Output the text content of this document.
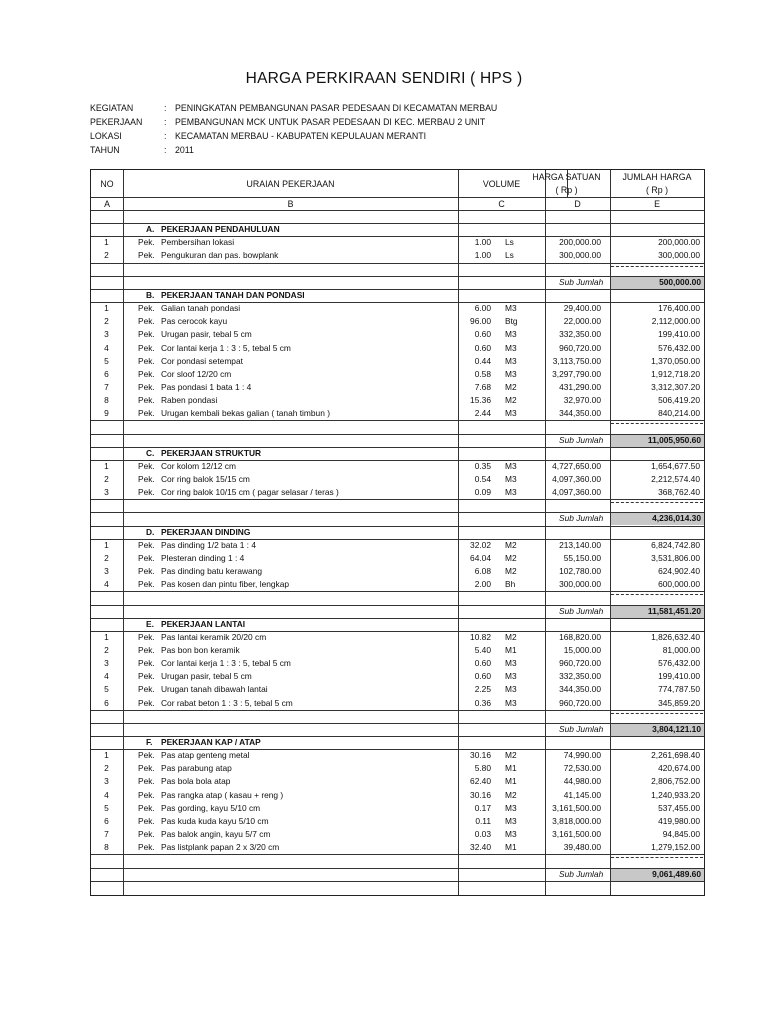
HARGA PERKIRAAN SENDIRI ( HPS )
KEGIATAN	: PENINGKATAN PEMBANGUNAN PASAR PEDESAAN DI KECAMATAN MERBAU
PEKERJAAN : PEMBANGUNAN MCK UNTUK PASAR PEDESAAN DI KEC. MERBAU 2 UNIT
LOKASI	: KECAMATAN MERBAU - KABUPATEN KEPULAUAN MERANTI
TAHUN	: 2011
NO	URAIAN PEKERJAAN	VOLUME
HARGA SATUAN
( Rp )
JUMLAH HARGA
( Rp )
A	B	C	D	E
A. PEKERJAAN PENDAHULUAN
1	Pek. Pembersihan lokasi	1.00 Ls	200,000.00	200,000.00
2	Pek. Pengukuran dan pas. bowplank	1.00 Ls	300,000.00	300,000.00
Sub Jumlah	500,000.00
B. PEKERJAAN TANAH DAN PONDASI
1	Pek. Galian tanah pondasi	6.00 M3	29,400.00	176,400.00
2	Pek. Pas cerocok kayu	96.00 Btg	22,000.00	2,112,000.00
3	Pek. Urugan pasir, tebal 5 cm	0.60 M3	332,350.00	199,410.00
4	Pek. Cor lantai kerja 1 : 3 : 5, tebal 5 cm	0.60 M3	960,720.00	576,432.00
5	Pek. Cor pondasi setempat	0.44 M3	3,113,750.00	1,370,050.00
6	Pek. Cor sloof 12/20 cm	0.58 M3	3,297,790.00	1,912,718.20
7	Pek. Pas pondasi 1 bata 1 : 4	7.68 M2	431,290.00	3,312,307.20
8	Pek. Raben pondasi	15.36 M2	32,970.00	506,419.20
9	Pek. Urugan kembali bekas galian ( tanah timbun )	2.44 M3	344,350.00	840,214.00
Sub Jumlah	11,005,950.60
C. PEKERJAAN STRUKTUR
1	Pek. Cor kolom 12/12 cm	0.35 M3	4,727,650.00	1,654,677.50
2	Pek. Cor ring balok 15/15 cm	0.54 M3	4,097,360.00	2,212,574.40
3	Pek. Cor ring balok 10/15 cm ( pagar selasar / teras )	0.09 M3	4,097,360.00	368,762.40
Sub Jumlah	4,236,014.30
D. PEKERJAAN DINDING
1	Pek. Pas dinding 1/2 bata 1 : 4	32.02 M2	213,140.00	6,824,742.80
2	Pek. Plesteran dinding 1 : 4	64.04 M2	55,150.00	3,531,806.00
3	Pek. Pas dinding batu kerawang	6.08 M2	102,780.00	624,902.40
4	Pek. Pas kosen dan pintu fiber, lengkap	2.00 Bh	300,000.00	600,000.00
Sub Jumlah	11,581,451.20
E. PEKERJAAN LANTAI
1	Pek. Pas lantai keramik 20/20 cm	10.82 M2	168,820.00	1,826,632.40
2	Pek. Pas bon bon keramik	5.40 M1	15,000.00	81,000.00
3	Pek. Cor lantai kerja 1 : 3 : 5, tebal 5 cm	0.60 M3	960,720.00	576,432.00
4	Pek. Urugan pasir, tebal 5 cm	0.60 M3	332,350.00	199,410.00
5	Pek. Urugan tanah dibawah lantai	2.25 M3	344,350.00	774,787.50
6	Pek. Cor rabat beton 1 : 3 : 5, tebal 5 cm	0.36 M3	960,720.00	345,859.20
Sub Jumlah	3,804,121.10
F. PEKERJAAN KAP / ATAP
1	Pek. Pas atap genteng metal	30.16 M2	74,990.00	2,261,698.40
2	Pek. Pas parabung atap	5.80 M1	72,530.00	420,674.00
3	Pek. Pas bola bola atap	62.40 M1	44,980.00	2,806,752.00
4	Pek. Pas rangka atap ( kasau + reng )	30.16 M2	41,145.00	1,240,933.20
5	Pek. Pas gording, kayu 5/10 cm	0.17 M3	3,161,500.00	537,455.00
6	Pek. Pas kuda kuda kayu 5/10 cm	0.11 M3	3,818,000.00	419,980.00
7	Pek. Pas balok angin, kayu 5/7 cm	0.03 M3	3,161,500.00	94,845.00
8	Pek. Pas listplank papan 2 x 3/20 cm	32.40 M1	39,480.00	1,279,152.00
Sub Jumlah	9,061,489.60
